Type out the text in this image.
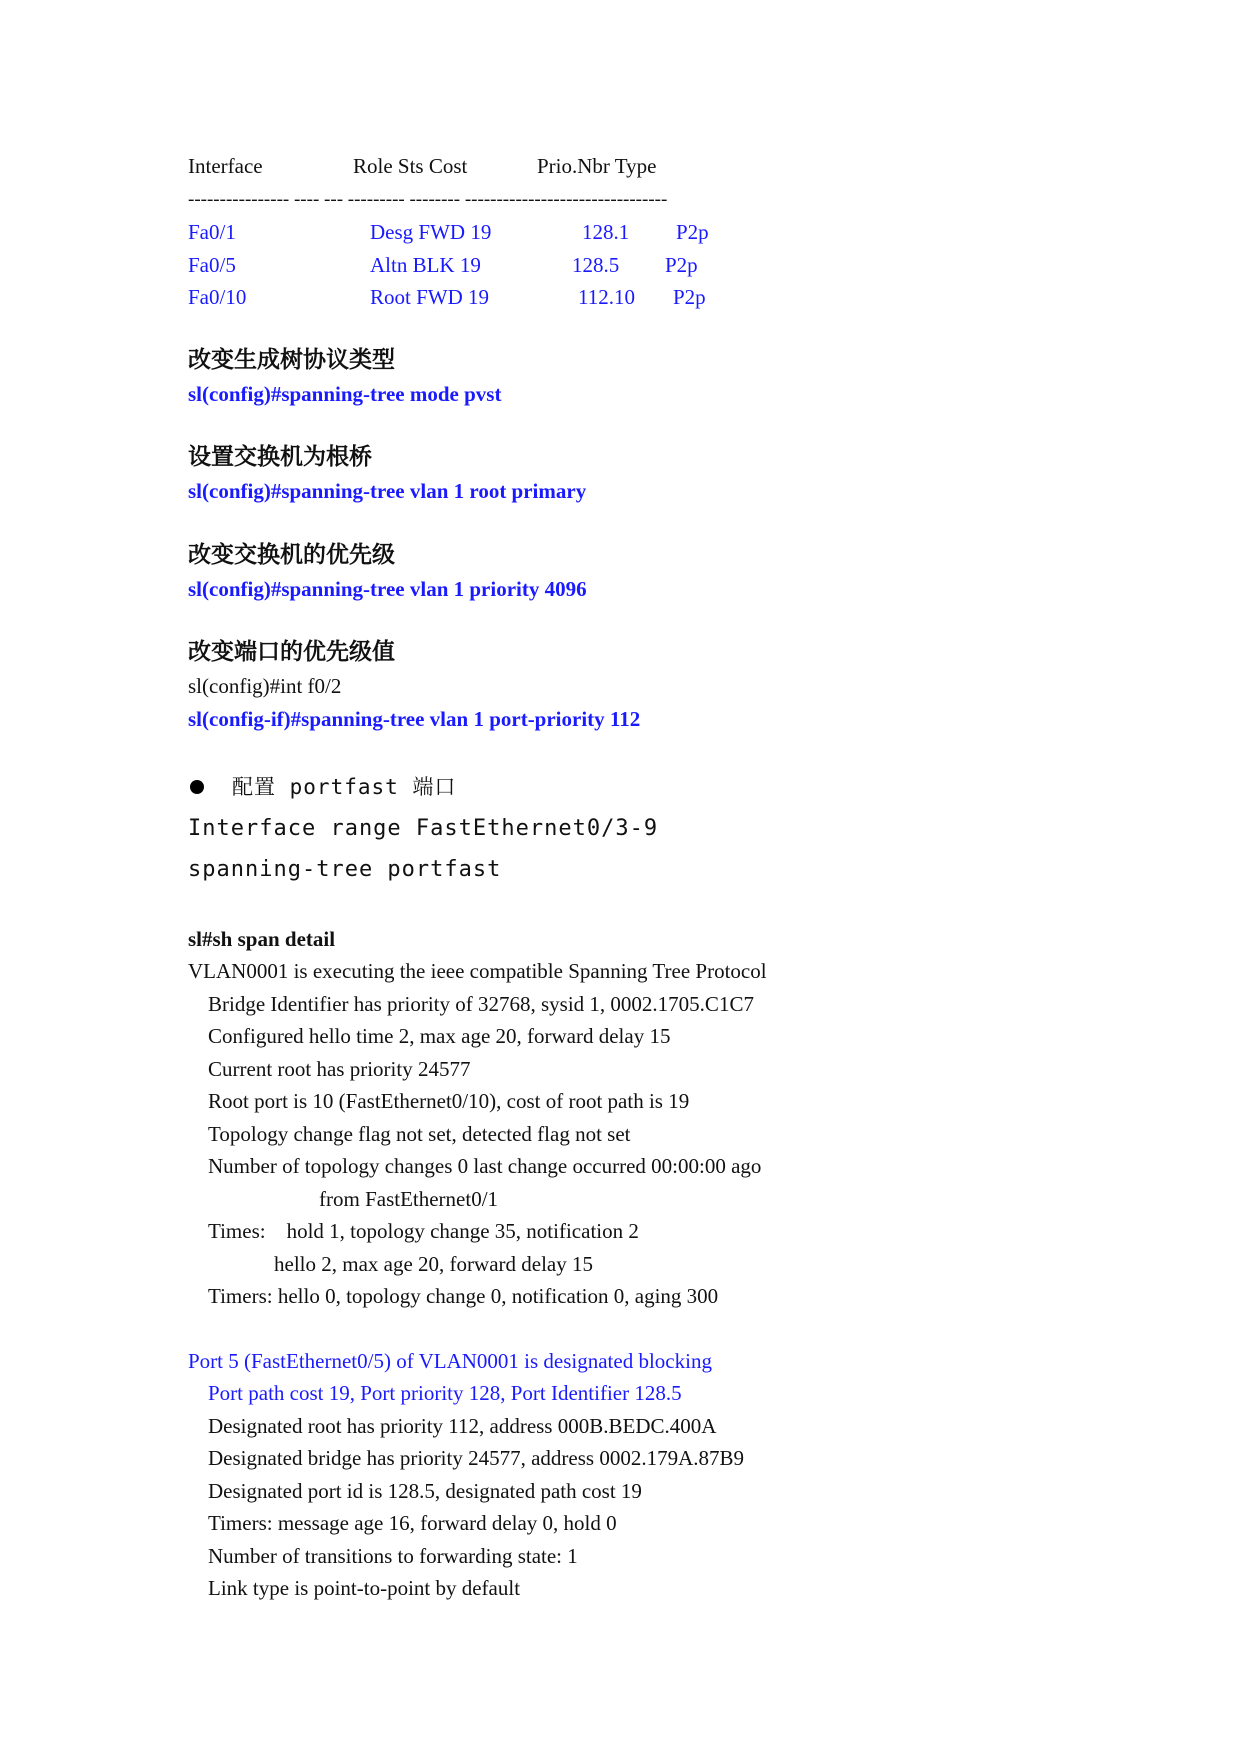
Interface	Role Sts Cost	Prio.Nbr Type
---------------- ---- --- --------- -------- --------------------------------
Fa0/1	Desg FWD 19	128.1 P2p
Fa0/5	Altn BLK 19	128.5 P2p
Fa0/10	Root FWD 19	112.10 P2p
改变生成树协议类型
sl(config)#spanning-tree mode pvst
设置交换机为根桥
sl(config)#spanning-tree vlan 1 root primary
改变交换机的优先级
sl(config)#spanning-tree vlan 1 priority 4096
改变端口的优先级值
sl(config)#int f0/2
sl(config-if)#spanning-tree vlan 1 port-priority 112
配置 portfast 端口
Interface range FastEthernet0/3-9
spanning-tree portfast
sl#sh span detail
VLAN0001 is executing the ieee compatible Spanning Tree Protocol
Bridge Identifier has priority of 32768, sysid 1, 0002.1705.C1C7
Configured hello time 2, max age 20, forward delay 15
Current root has priority 24577
Root port is 10 (FastEthernet0/10), cost of root path is 19
Topology change flag not set, detected flag not set
Number of topology changes 0 last change occurred 00:00:00 ago
from FastEthernet0/1
Times:    hold 1, topology change 35, notification 2
hello 2, max age 20, forward delay 15
Timers: hello 0, topology change 0, notification 0, aging 300
Port 5 (FastEthernet0/5) of VLAN0001 is designated blocking
Port path cost 19, Port priority 128, Port Identifier 128.5
Designated root has priority 112, address 000B.BEDC.400A
Designated bridge has priority 24577, address 0002.179A.87B9
Designated port id is 128.5, designated path cost 19
Timers: message age 16, forward delay 0, hold 0
Number of transitions to forwarding state: 1
Link type is point-to-point by default
